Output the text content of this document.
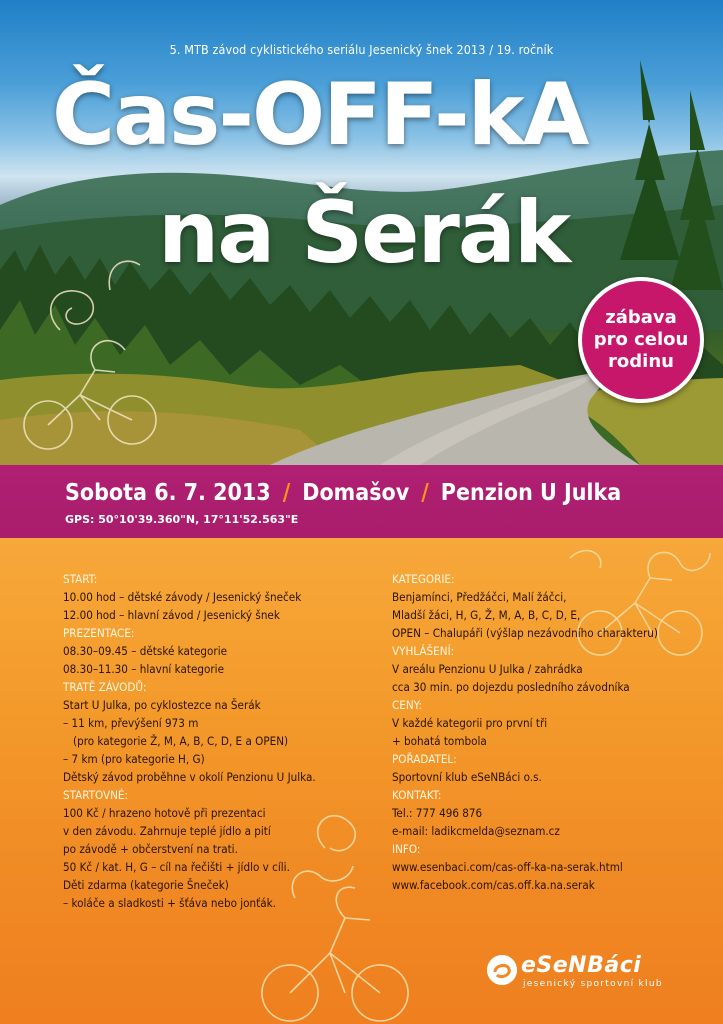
5. MTB závod cyklistického seriálu Jesenický šnek 2013 / 19. ročník
Čas-OFF-kA
na Šerák
zábava
pro celou
rodinu
Sobota 6. 7. 2013 / Domašov / Penzion U Julka
GPS: 50°10'39.360"N, 17°11'52.563"E
START:
10.00 hod – dětské závody / Jesenický šneček
12.00 hod – hlavní závod / Jesenický šnek
PREZENTACE:
08.30–09.45 – dětské kategorie
08.30–11.30 – hlavní kategorie
TRATĚ ZÁVODŮ:
Start U Julka, po cyklostezce na Šerák
– 11 km, převýšení 973 m
(pro kategorie Ž, M, A, B, C, D, E a OPEN)
– 7 km (pro kategorie H, G)
Dětský závod proběhne v okolí Penzionu U Julka.
STARTOVNÉ:
100 Kč / hrazeno hotově při prezentaci
v den závodu. Zahrnuje teplé jídlo a pití
po závodě + občerstvení na trati.
50 Kč / kat. H, G – cíl na řečišti + jídlo v cíli.
Děti zdarma (kategorie Šneček)
– koláče a sladkosti + šťáva nebo jonťák.
KATEGORIE:
Benjamínci, Předžáčci, Malí žáčci,
Mladší žáci, H, G, Ž, M, A, B, C, D, E,
OPEN – Chalupáři (výšlap nezávodního charakteru)
VYHLÁŠENÍ:
V areálu Penzionu U Julka / zahrádka
cca 30 min. po dojezdu posledního závodníka
CENY:
V každé kategorii pro první tři
+ bohatá tombola
POŘADATEL:
Sportovní klub eSeNBáci o.s.
KONTAKT:
Tel.: 777 496 876
e-mail: ladikcmelda@seznam.cz
INFO:
www.esenbaci.com/cas-off-ka-na-serak.html
www.facebook.com/cas.off.ka.na.serak
eSeNBáci
jesenický sportovní klub
